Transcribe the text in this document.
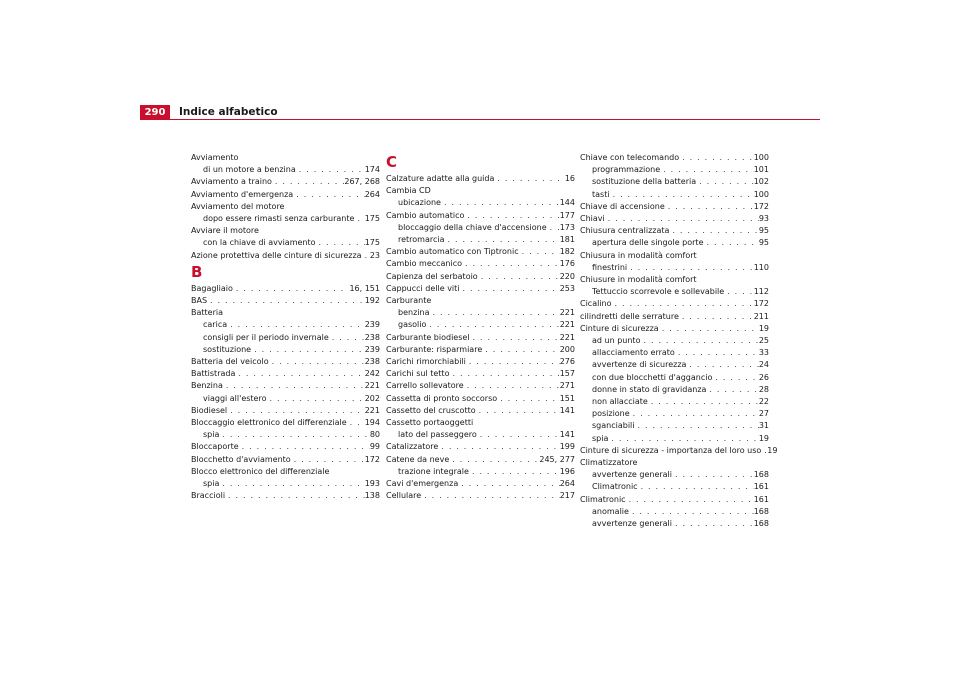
290	Indice alfabetico
Avviamento
di un motore a benzina . . .	174
Avviamento a traino . . .	267, 268
Avviamento d'emergenza . . .	264
Avviamento del motore
dopo essere rimasti senza carburante . . . 175
Avviare il motore
con la chiave di avviamento . . .	175
Azione protettiva delle cinture di sicurezza . . . 23
B
Bagagliaio . . .	16, 151
BAS . . .	192
Batteria
carica . . .	239
consigli per il periodo invernale . . .	238
sostituzione . . .	239
Batteria del veicolo . . .	238
Battistrada . . .	242
Benzina . . .	221
viaggi all'estero . . .	202
Biodiesel . . .	221
Bloccaggio elettronico del differenziale . . . 194
spia . . .	80
Bloccaporte . . .	99
Blocchetto d'avviamento . . .	172
Blocco elettronico del differenziale
spia . . .	193
Braccioli . . .	138
C
Calzature adatte alla guida . . .	16
Cambia CD
ubicazione . . .	144
Cambio automatico . . .	177
bloccaggio della chiave d'accensione . . . 173
retromarcia . . .	181
Cambio automatico con Tiptronic . . .	182
Cambio meccanico . . .	176
Capienza del serbatoio . . .	220
Cappucci delle viti . . .	253
Carburante
benzina . . .	221
gasolio . . .	221
Carburante biodiesel . . .	221
Carburante: risparmiare . . .	200
Carichi rimorchiabili . . .	276
Carichi sul tetto . . .	157
Carrello sollevatore . . .	271
Cassetta di pronto soccorso . . .	151
Cassetto del cruscotto . . .	141
Cassetto portaoggetti
lato del passeggero . . .	141
Catalizzatore . . .	199
Catene da neve . . .	245, 277
trazione integrale . . .	196
Cavi d'emergenza . . .	264
Cellulare . . .	217
Chiave con telecomando . . .	100
programmazione . . .	101
sostituzione della batteria . . .	102
tasti . . .	100
Chiave di accensione . . .	172
Chiavi . . .	93
Chiusura centralizzata . . .	95
apertura delle singole porte . . .	95
Chiusura in modalità comfort
finestrini . . .	110
Chiusure in modalità comfort
Tettuccio scorrevole e sollevabile . . .	112
Cicalino . . .	172
cilindretti delle serrature . . .	211
Cinture di sicurezza . . .	19
ad un punto . . .	25
allacciamento errato . . .	33
avvertenze di sicurezza . . .	24
con due blocchetti d'aggancio . . .	26
donne in stato di gravidanza . . .	28
non allacciate . . .	22
posizione . . .	27
sganciabili . . .	31
spia . . .	19
Cinture di sicurezza - importanza del loro uso . . . 19
Climatizzatore
avvertenze generali . . .	168
Climatronic . . .	161
Climatronic . . .	161
anomalie . . .	168
avvertenze generali . . .	168
